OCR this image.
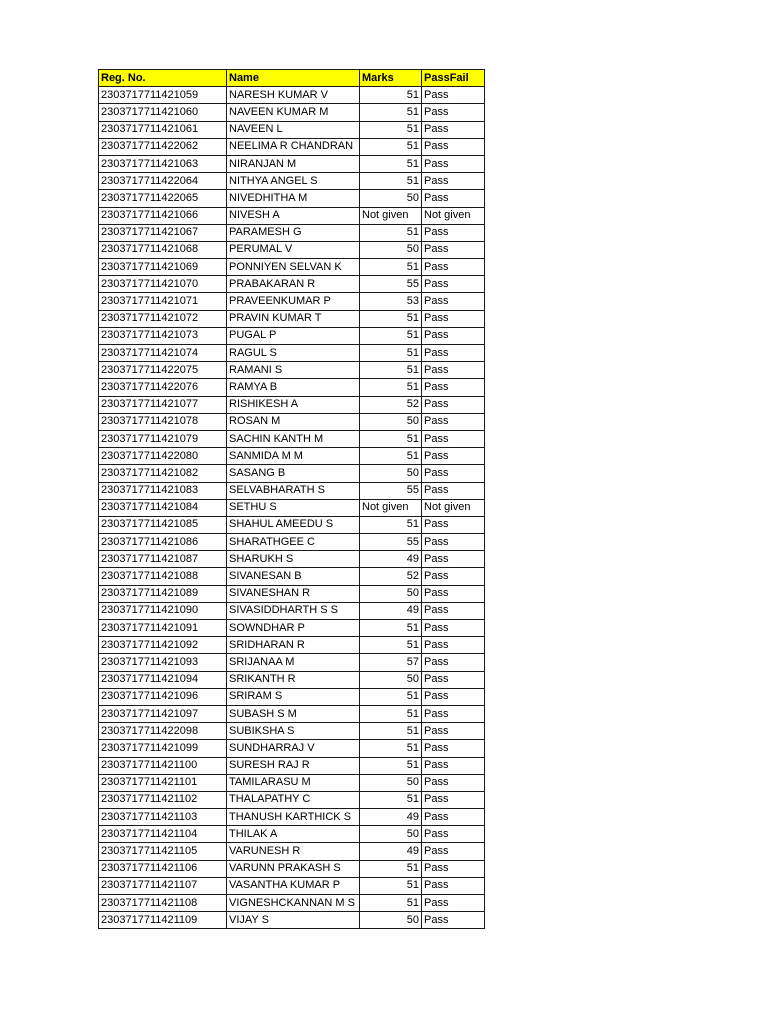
Reg. No.	Name	Marks	PassFail
2303717711421059	NARESH KUMAR V	51	Pass
2303717711421060	NAVEEN KUMAR M	51	Pass
2303717711421061	NAVEEN L	51	Pass
2303717711422062	NEELIMA R CHANDRAN	51	Pass
2303717711421063	NIRANJAN M	51	Pass
2303717711422064	NITHYA ANGEL S	51	Pass
2303717711422065	NIVEDHITHA M	50	Pass
2303717711421066	NIVESH A	Not given	Not given
2303717711421067	PARAMESH G	51	Pass
2303717711421068	PERUMAL V	50	Pass
2303717711421069	PONNIYEN SELVAN K	51	Pass
2303717711421070	PRABAKARAN R	55	Pass
2303717711421071	PRAVEENKUMAR P	53	Pass
2303717711421072	PRAVIN KUMAR T	51	Pass
2303717711421073	PUGAL P	51	Pass
2303717711421074	RAGUL S	51	Pass
2303717711422075	RAMANI S	51	Pass
2303717711422076	RAMYA B	51	Pass
2303717711421077	RISHIKESH A	52	Pass
2303717711421078	ROSAN M	50	Pass
2303717711421079	SACHIN KANTH M	51	Pass
2303717711422080	SANMIDA M M	51	Pass
2303717711421082	SASANG B	50	Pass
2303717711421083	SELVABHARATH S	55	Pass
2303717711421084	SETHU S	Not given	Not given
2303717711421085	SHAHUL AMEEDU S	51	Pass
2303717711421086	SHARATHGEE C	55	Pass
2303717711421087	SHARUKH S	49	Pass
2303717711421088	SIVANESAN B	52	Pass
2303717711421089	SIVANESHAN R	50	Pass
2303717711421090	SIVASIDDHARTH S S	49	Pass
2303717711421091	SOWNDHAR P	51	Pass
2303717711421092	SRIDHARAN R	51	Pass
2303717711421093	SRIJANAA M	57	Pass
2303717711421094	SRIKANTH R	50	Pass
2303717711421096	SRIRAM S	51	Pass
2303717711421097	SUBASH S M	51	Pass
2303717711422098	SUBIKSHA S	51	Pass
2303717711421099	SUNDHARRAJ V	51	Pass
2303717711421100	SURESH RAJ R	51	Pass
2303717711421101	TAMILARASU M	50	Pass
2303717711421102	THALAPATHY C	51	Pass
2303717711421103	THANUSH KARTHICK S	49	Pass
2303717711421104	THILAK A	50	Pass
2303717711421105	VARUNESH R	49	Pass
2303717711421106	VARUNN PRAKASH S	51	Pass
2303717711421107	VASANTHA KUMAR P	51	Pass
2303717711421108	VIGNESHCKANNAN M S	51	Pass
2303717711421109	VIJAY S	50	Pass
